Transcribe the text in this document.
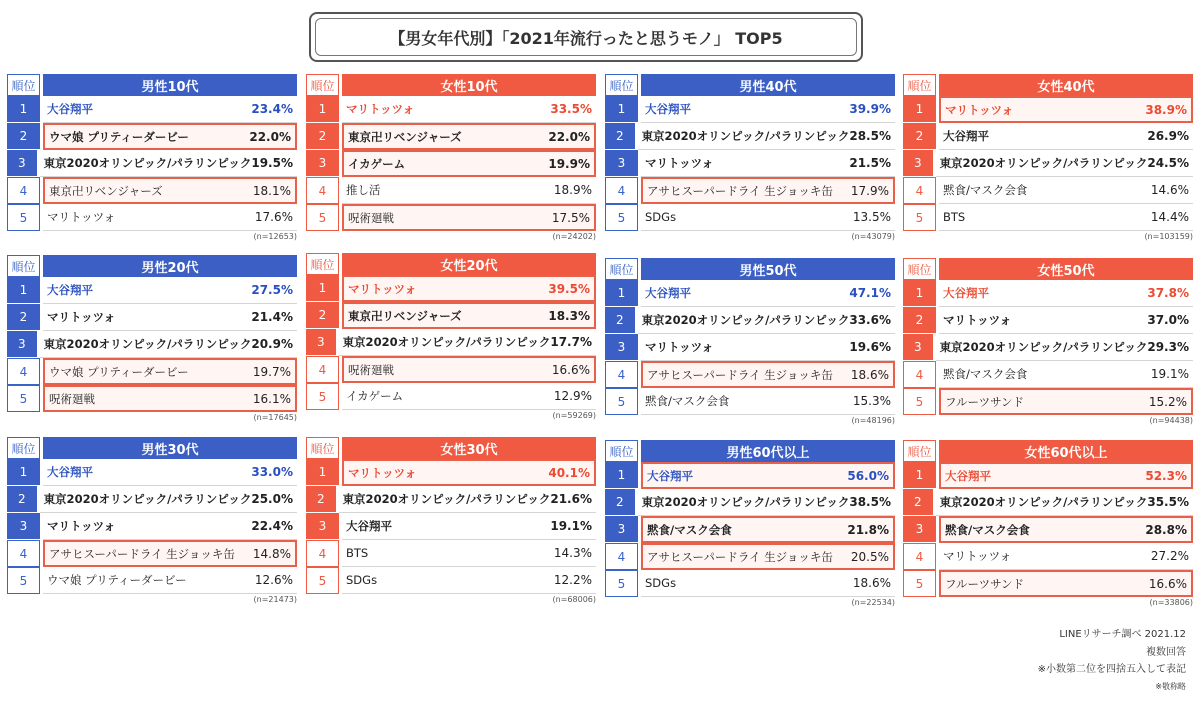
【男女年代別】「2021年流行ったと思うモノ」 TOP5
順位	男性10代
1	大谷翔平	23.4%
2	ウマ娘 プリティーダービー	22.0%
3	東京2020オリンピック/パラリンピック 19.5%
4	東京卍リベンジャーズ	18.1%
5	マリトッツォ	17.6%
(n=12653)
順位	男性20代
1	大谷翔平	27.5%
2	マリトッツォ	21.4%
3	東京2020オリンピック/パラリンピック 20.9%
4	ウマ娘 プリティーダービー	19.7%
5	呪術廻戦	16.1%
(n=17645)
順位	男性30代
1	大谷翔平	33.0%
2	東京2020オリンピック/パラリンピック 25.0%
3	マリトッツォ	22.4%
4	アサヒスーパードライ 生ジョッキ缶 14.8%
5	ウマ娘 プリティーダービー	12.6%
(n=21473)
順位	女性10代
1	マリトッツォ	33.5%
2	東京卍リベンジャーズ	22.0%
3	イカゲーム	19.9%
4	推し活	18.9%
5	呪術廻戦	17.5%
(n=24202)
順位	女性20代
1	マリトッツォ	39.5%
2	東京卍リベンジャーズ	18.3%
3	東京2020オリンピック/パラリンピック 17.7%
4	呪術廻戦	16.6%
5	イカゲーム	12.9%
(n=59269)
順位	女性30代
1	マリトッツォ	40.1%
2	東京2020オリンピック/パラリンピック 21.6%
3	大谷翔平	19.1%
4	BTS	14.3%
5	SDGs	12.2%
(n=68006)
順位	男性40代
1	大谷翔平	39.9%
2	東京2020オリンピック/パラリンピック 28.5%
3	マリトッツォ	21.5%
4	アサヒスーパードライ 生ジョッキ缶 17.9%
5	SDGs	13.5%
(n=43079)
順位	男性50代
1	大谷翔平	47.1%
2	東京2020オリンピック/パラリンピック 33.6%
3	マリトッツォ	19.6%
4	アサヒスーパードライ 生ジョッキ缶 18.6%
5	黙食/マスク会食	15.3%
(n=48196)
順位	男性60代以上
1	大谷翔平	56.0%
2	東京2020オリンピック/パラリンピック 38.5%
3	黙食/マスク会食	21.8%
4	アサヒスーパードライ 生ジョッキ缶 20.5%
5	SDGs	18.6%
(n=22534)
順位	女性40代
1	マリトッツォ	38.9%
2	大谷翔平	26.9%
3	東京2020オリンピック/パラリンピック 24.5%
4	黙食/マスク会食	14.6%
5	BTS	14.4%
(n=103159)
順位	女性50代
1	大谷翔平	37.8%
2	マリトッツォ	37.0%
3	東京2020オリンピック/パラリンピック 29.3%
4	黙食/マスク会食	19.1%
5	フルーツサンド	15.2%
(n=94438)
順位	女性60代以上
1	大谷翔平	52.3%
2	東京2020オリンピック/パラリンピック 35.5%
3	黙食/マスク会食	28.8%
4	マリトッツォ	27.2%
5	フルーツサンド	16.6%
(n=33806)
LINEリサーチ調べ 2021.12
複数回答
※小数第二位を四捨五入して表記
※敬称略
